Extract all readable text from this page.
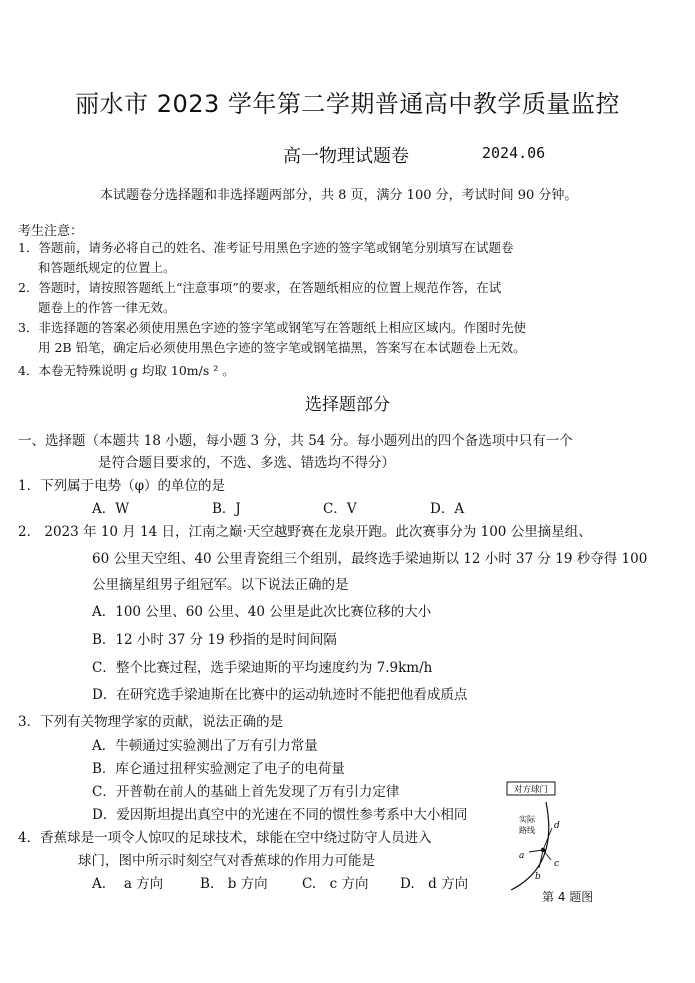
丽水市 2023 学年第二学期普通高中教学质量监控
高一物理试题卷	2024.06
本试题卷分选择题和非选择题两部分，共 8 页，满分 100 分，考试时间 90 分钟。
考生注意：
1．答题前，请务必将自己的姓名、准考证号用黑色字迹的签字笔或钢笔分别填写在试题卷
和答题纸规定的位置上。
2．答题时，请按照答题纸上“注意事项”的要求，在答题纸相应的位置上规范作答，在试
题卷上的作答一律无效。
3．非选择题的答案必须使用黑色字迹的签字笔或钢笔写在答题纸上相应区域内。作图时先使
用 2B 铅笔，确定后必须使用黑色字迹的签字笔或钢笔描黑，答案写在本试题卷上无效。
4．本卷无特殊说明 g 均取 10m/s ² 。
选择题部分
一、选择题（本题共 18 小题，每小题 3 分，共 54 分。每小题列出的四个备选项中只有一个
是符合题目要求的，不选、多选、错选均不得分）
1．下列属于电势（φ）的单位的是
A．W	B．J	C．V	D．A
2． 2023 年 10 月 14 日，江南之巅·天空越野赛在龙泉开跑。此次赛事分为 100 公里摘星组、
60 公里天空组、40 公里青瓷组三个组别，最终选手梁迪斯以 12 小时 37 分 19 秒夺得 100
公里摘星组男子组冠军。以下说法正确的是
A．100 公里、60 公里、40 公里是此次比赛位移的大小
B．12 小时 37 分 19 秒指的是时间间隔
C．整个比赛过程，选手梁迪斯的平均速度约为 7.9km/h
D．在研究选手梁迪斯在比赛中的运动轨迹时不能把他看成质点
3．下列有关物理学家的贡献，说法正确的是
A．牛顿通过实验测出了万有引力常量
B．库仑通过扭秤实验测定了电子的电荷量
C．开普勒在前人的基础上首先发现了万有引力定律
D．爱因斯坦提出真空中的光速在不同的惯性参考系中大小相同
4．香蕉球是一项令人惊叹的足球技术，球能在空中绕过防守人员进入
球门，图中所示时刻空气对香蕉球的作用力可能是
A.　 a 方向	B.　b 方向	C.　c 方向 D.　d 方向
对方球门
实际
路线
a
b
c
d
第 4 题图
